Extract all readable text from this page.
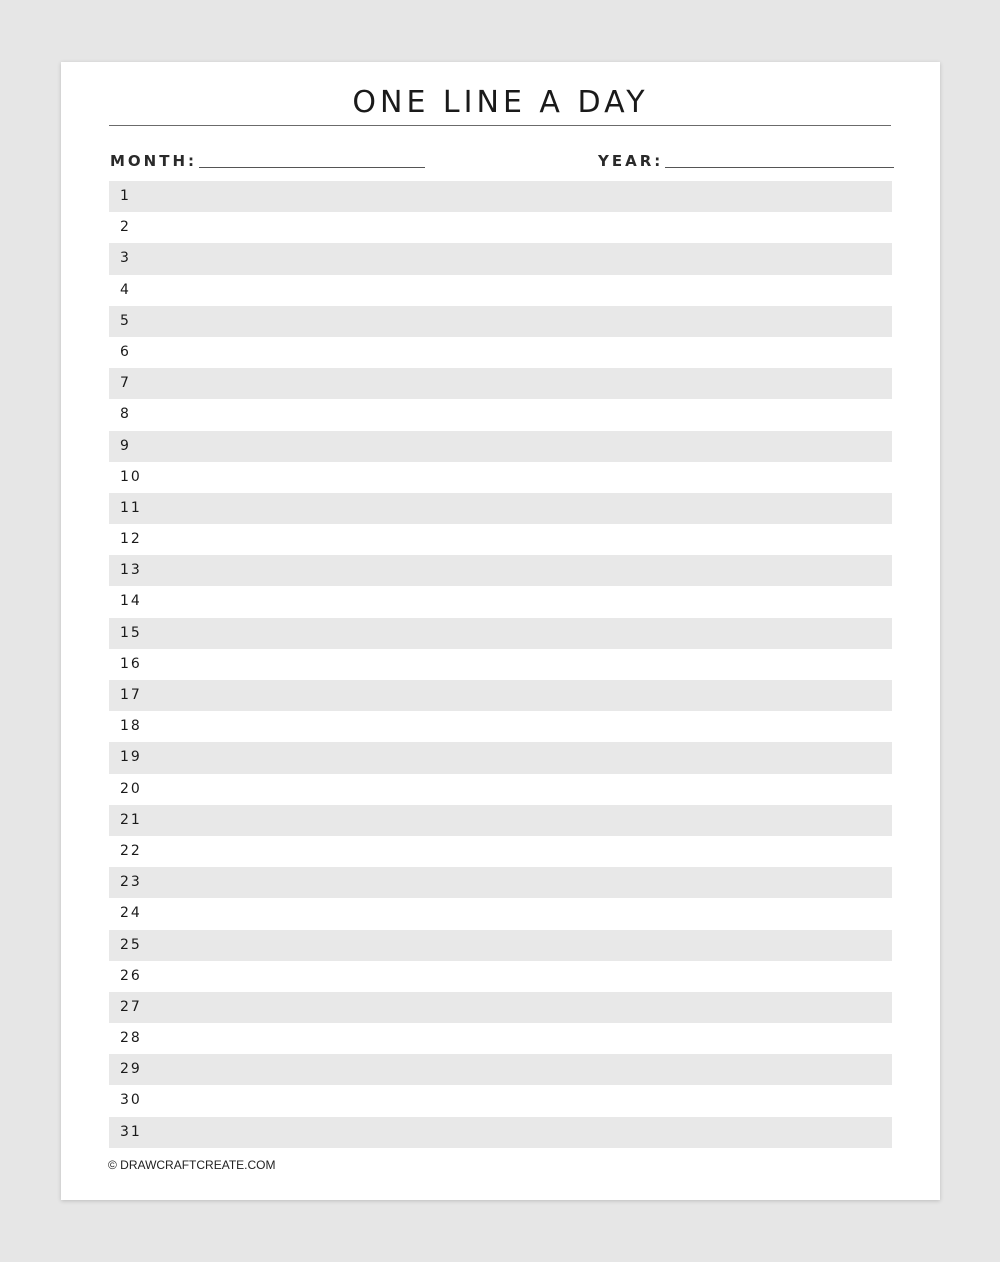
ONE LINE A DAY
MONTH:	YEAR:
1
2
3
4
5
6
7
8
9
10
11
12
13
14
15
16
17
18
19
20
21
22
23
24
25
26
27
28
29
30
31
© DRAWCRAFTCREATE.COM
